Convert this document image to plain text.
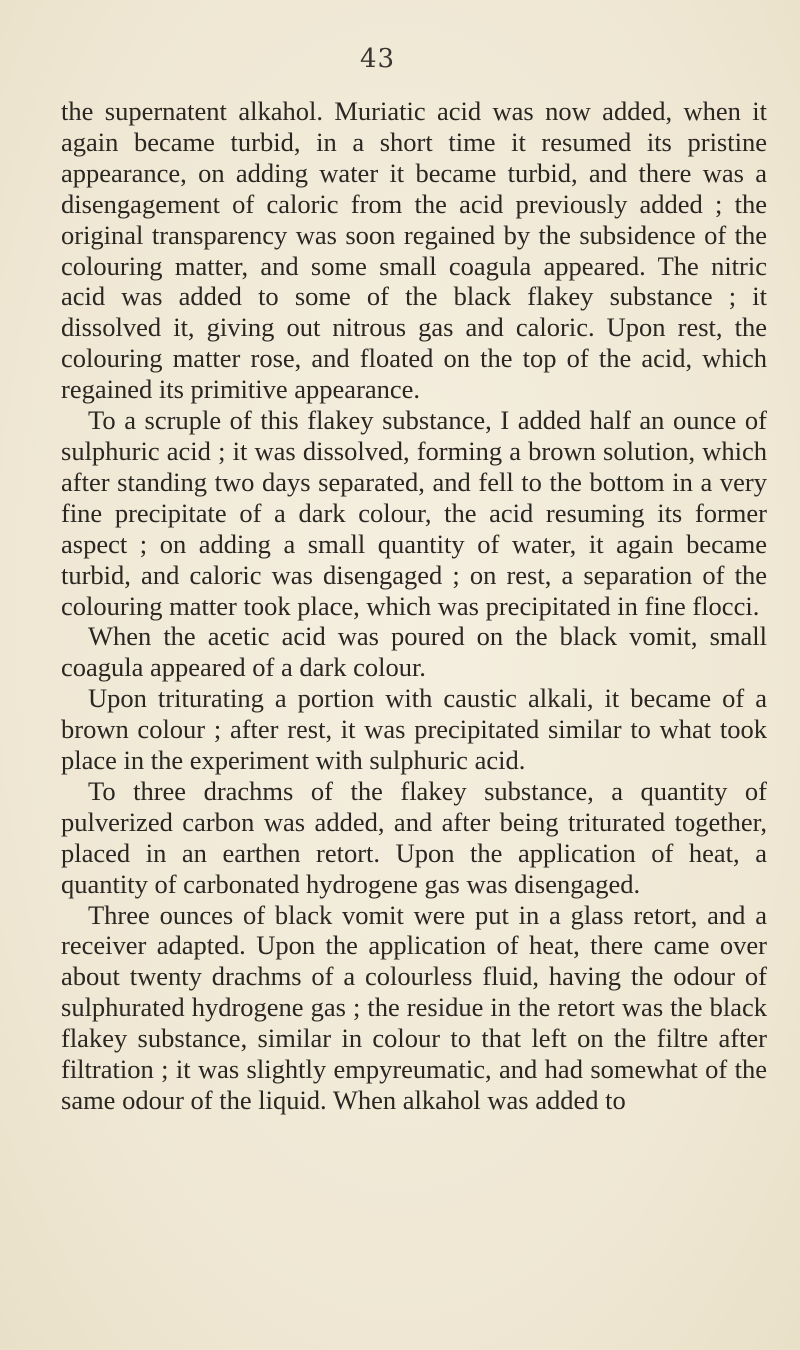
43

the supernatent alkahol. Muriatic acid was now added, when it again became turbid, in a short time it resumed its pristine appearance, on adding water it became turbid, and there was a disengagement of caloric from the acid previously added ; the original transparency was soon regained by the subsidence of the colouring matter, and some small coagula appeared. The nitric acid was added to some of the black flakey substance ; it dissolved it, giving out nitrous gas and caloric. Upon rest, the colouring matter rose, and floated on the top of the acid, which regained its primitive appearance.

To a scruple of this flakey substance, I added half an ounce of sulphuric acid ; it was dissolved, forming a brown solution, which after standing two days separated, and fell to the bottom in a very fine precipitate of a dark colour, the acid resuming its former aspect ; on adding a small quantity of water, it again became turbid, and caloric was disengaged ; on rest, a separation of the colouring matter took place, which was precipitated in fine flocci.

When the acetic acid was poured on the black vomit, small coagula appeared of a dark colour.

Upon triturating a portion with caustic alkali, it became of a brown colour ; after rest, it was precipitated similar to what took place in the experiment with sulphuric acid.

To three drachms of the flakey substance, a quantity of pulverized carbon was added, and after being triturated together, placed in an earthen retort. Upon the application of heat, a quantity of carbonated hydrogene gas was disengaged.

Three ounces of black vomit were put in a glass retort, and a receiver adapted. Upon the application of heat, there came over about twenty drachms of a colourless fluid, having the odour of sulphurated hydrogene gas ; the residue in the retort was the black flakey substance, similar in colour to that left on the filtre after filtration ; it was slightly empyreumatic, and had somewhat of the same odour of the liquid. When alkahol was added to
